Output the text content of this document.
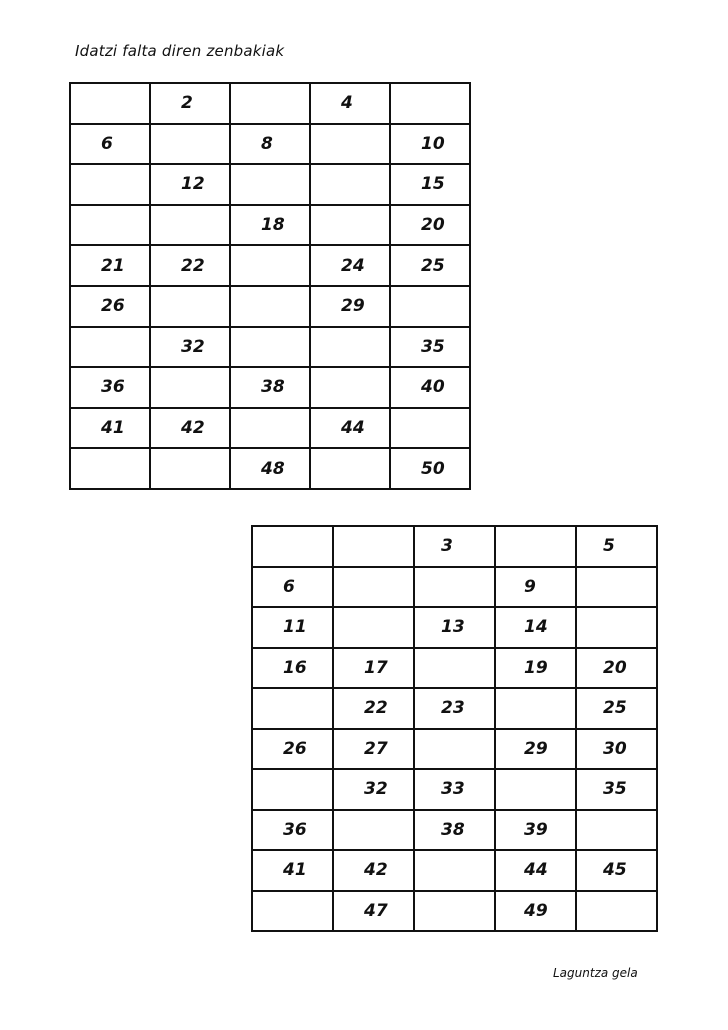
Idatzi falta diren zenbakiak
	2		4	
6		8		10
	12			15
		18		20
21	22		24	25
26			29	
	32			35
36		38		40
41	42		44	
		48		50
		3		5
6			9	
11		13	14	
16	17		19	20
	22	23		25
26	27		29	30
	32	33		35
36		38	39	
41	42		44	45
	47		49	
Laguntza gela
